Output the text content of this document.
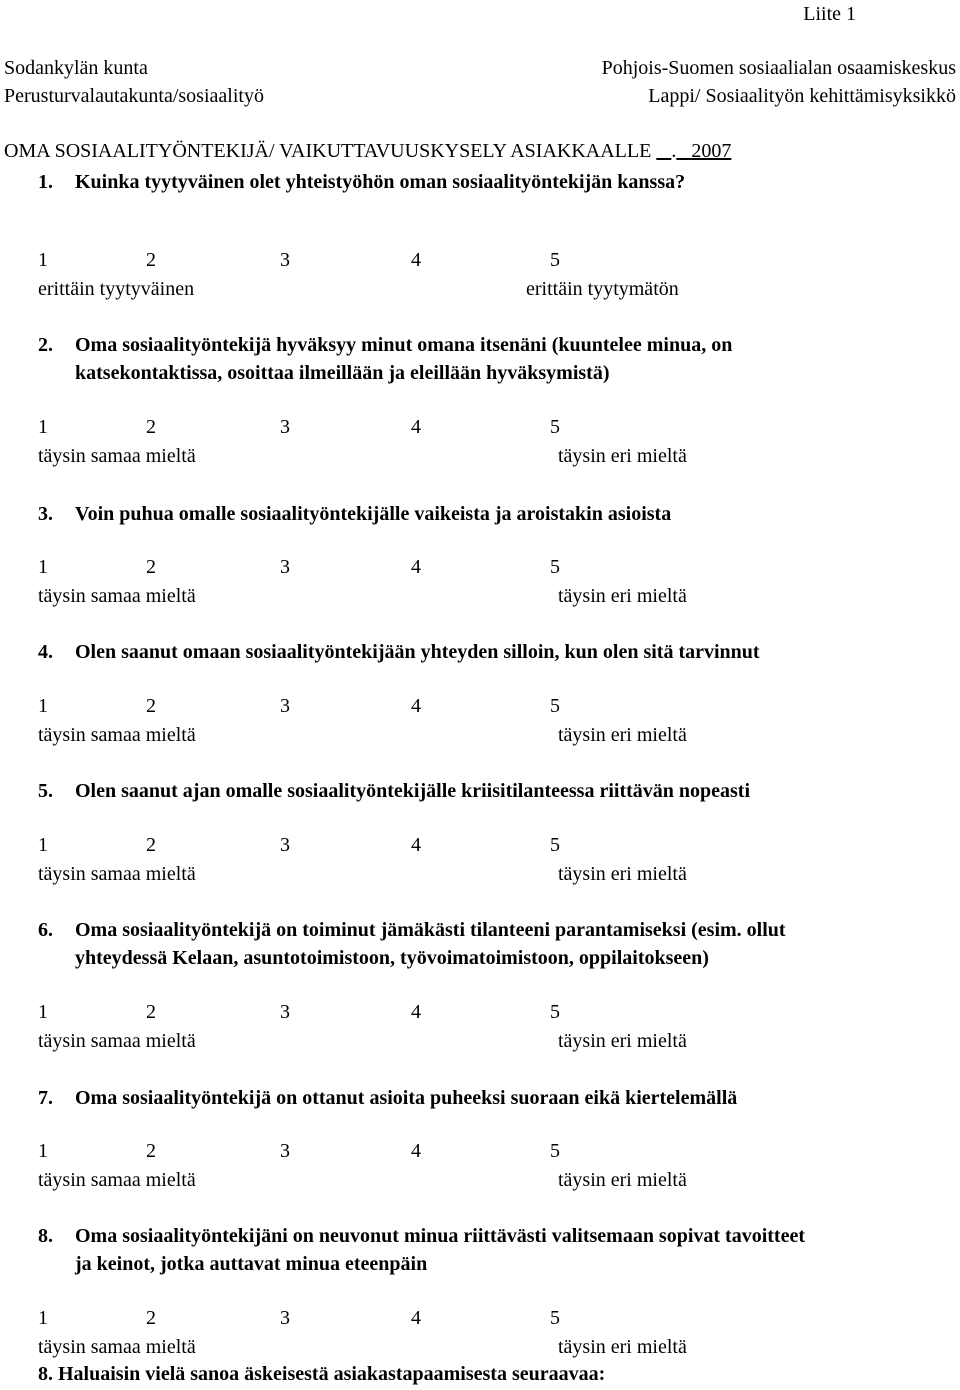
Liite 1
Sodankylän kunta
Perusturvalautakunta/sosiaalityö
Pohjois-Suomen sosiaalialan osaamiskeskus
Lappi/ Sosiaalityön kehittämisyksikkö
OMA SOSIAALITYÖNTEKIJÄ/ VAIKUTTAVUUSKYSELY ASIAKKAALLE . 2007
1. Kuinka tyytyväinen olet yhteistyöhön oman sosiaalityöntekijän kanssa?
1	2	3	4	5
erittäin tyytyväinen	erittäin tyytymätön
2. Oma sosiaalityöntekijä hyväksyy minut omana itsenäni (kuuntelee minua, on
katsekontaktissa, osoittaa ilmeillään ja eleillään hyväksymistä)
1	2	3	4	5
täysin samaa mieltä	täysin eri mieltä
3. Voin puhua omalle sosiaalityöntekijälle vaikeista ja aroistakin asioista
1	2	3	4	5
täysin samaa mieltä	täysin eri mieltä
4. Olen saanut omaan sosiaalityöntekijään yhteyden silloin, kun olen sitä tarvinnut
1	2	3	4	5
täysin samaa mieltä	täysin eri mieltä
5. Olen saanut ajan omalle sosiaalityöntekijälle kriisitilanteessa riittävän nopeasti
1	2	3	4	5
täysin samaa mieltä	täysin eri mieltä
6. Oma sosiaalityöntekijä on toiminut jämäkästi tilanteeni parantamiseksi (esim. ollut
yhteydessä Kelaan, asuntotoimistoon, työvoimatoimistoon, oppilaitokseen)
1	2	3	4	5
täysin samaa mieltä	täysin eri mieltä
7. Oma sosiaalityöntekijä on ottanut asioita puheeksi suoraan eikä kiertelemällä
1	2	3	4	5
täysin samaa mieltä	täysin eri mieltä
8. Oma sosiaalityöntekijäni on neuvonut minua riittävästi valitsemaan sopivat tavoitteet
ja keinot, jotka auttavat minua eteenpäin
1	2	3	4	5
täysin samaa mieltä	täysin eri mieltä
8. Haluaisin vielä sanoa äskeisestä asiakastapaamisesta seuraavaa:
